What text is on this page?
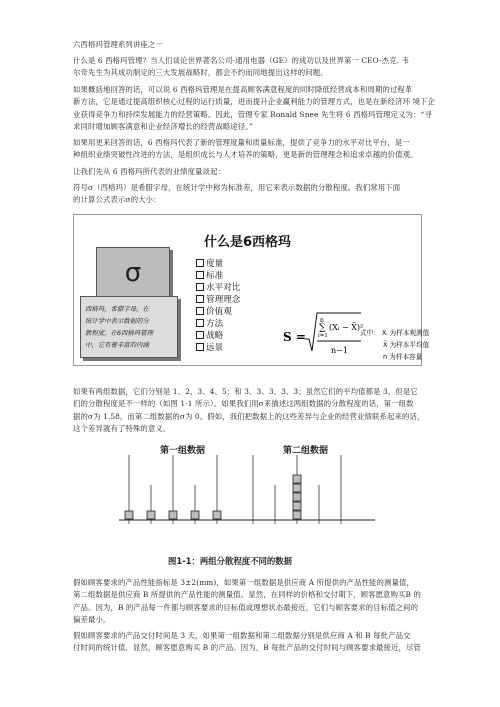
六西格玛管理系列讲座之一
什么是 6 西格玛管理？当人们谈论世界著名公司-通用电器（GE）的成功以及世界第一 CEO-杰克. 韦
尔奇先生为其成功制定的三大发展战略时，都会不约而同地提出这样的问题。
如果概括地回答的话，可以说 6 西格玛管理是在提高顾客满意程度的同时降低经营成本和周期的过程革
新方法，它是通过提高组织核心过程的运行质量，进而提升企业赢利能力的管理方式，也是在新经济环 境下企
业获得竞争力和持续发展能力的经营策略。因此，管理专家 Ronald Snee 先生将 6 西格玛管理定义为：“寻
求同时增加顾客满意和企业经济增长的经营战略途径。”
如果用更来回答的话，6 西格玛代表了新的管理度量和质量标准，提供了竞争力的水平对比平台，是一
种组织业绩突破性改进的方法，是组织成长与人才培养的策略，更是新的管理理念和追求卓越的价值观。
让我们先从 6 西格玛所代表的业绩度量谈起：
符号σ（西格玛）是希腊字母，在统计学中称为标准差，用它来表示数据的分散程度。我们常用下面
的计算公式表示σ的大小：
什么是6西格玛
σ
西格玛，希腊字母，在
统计学中表示数据的分
散程度。在6西格玛管理
中，它有着丰富的内涵
度量
标准
水平对比
管理理念
价值观
方法
战略
远景
S =
n
∑
i=1
(Xᵢ − X̄)²
n−1
式中： Xᵢ 为样本观测值
X̄ 为样本平均值
n 为样本容量
如果有两组数据，它们分别是 1、2、3、4、5；和 3、3、3、3、3；虽然它们的平均值都是 3，但是它
们的分散程度是不一样的（如图 1-1 所示）。如果我们用σ来描述这两组数据的分散程度的话，第一组数
据的σ为 1.58，而第二组数据的σ为 0。假如，我们把数据上的这些差异与企业的经营业绩联系起来的话，
这个差异就有了特殊的意义。
第一组数据	第二组数据
图1-1：两组分散程度不同的数据
假如顾客要求的产品性能指标是 3±2(mm)，如果第一组数据是供应商 A 所提供的产品性能的测量值，
第二组数据是供应商 B 所提供的产品性能的测量值。显然，在同样的价格和交付期下，顾客愿意购买B 的
产品。因为，B 的产品每一件都与顾客要求的目标值或理想状态最接近，它们与顾客要求的目标值之间的
偏差最小。
假如顾客要求的产品交付时间是 3 天，如果第一组数据和第二组数据分别是供应商 A 和 B 每批产品交
付时间的统计值，显然，顾客愿意购买 B 的产品。因为，B 每批产品的交付时间与顾客要求最接近，尽管
